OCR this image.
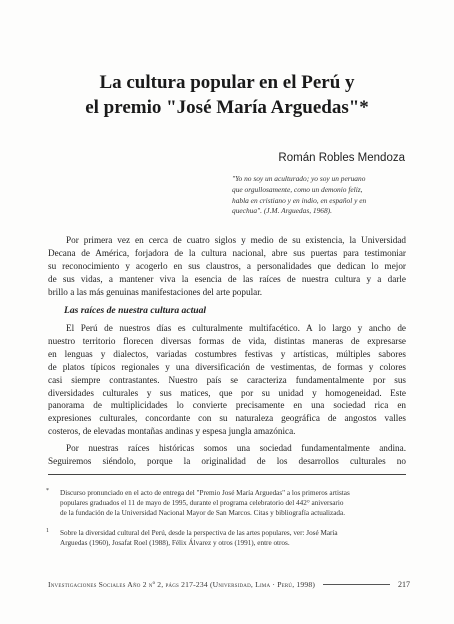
La cultura popular en el Perú y
el premio "José María Arguedas"*
Román Robles Mendoza
"Yo no soy un aculturado; yo soy un peruano
que orgullosamente, como un demonio feliz,
habla en cristiano y en indio, en español y en
quechua". (J.M. Arguedas, 1968).
Por primera vez en cerca de cuatro siglos y medio de su existencia, la Universidad
Decana de América, forjadora de la cultura nacional, abre sus puertas para testimoniar
su reconocimiento y acogerlo en sus claustros, a personalidades que dedican lo mejor
de sus vidas, a mantener viva la esencia de las raíces de nuestra cultura y a darle
brillo a las más genuinas manifestaciones del arte popular.
Las raíces de nuestra cultura actual
El Perú de nuestros días es culturalmente multifacético. A lo largo y ancho de
nuestro territorio florecen diversas formas de vida, distintas maneras de expresarse
en lenguas y dialectos, variadas costumbres festivas y artísticas, múltiples sabores
de platos típicos regionales y una diversificación de vestimentas, de formas y colores
casi siempre contrastantes. Nuestro país se caracteriza fundamentalmente por sus
diversidades culturales y sus matices, que por su unidad y homogeneidad. Este
panorama de multiplicidades lo convierte precisamente en una sociedad rica en
expresiones culturales, concordante con su naturaleza geográfica de angostos valles
costeros, de elevadas montañas andinas y espesa jungla amazónica.
Por nuestras raíces históricas somos una sociedad fundamentalmente andina.
Seguiremos siéndolo, porque la originalidad de los desarrollos culturales no
*	Discurso pronunciado en el acto de entrega del "Premio José María Arguedas" a los primeros artistas
populares graduados el 11 de mayo de 1995, durante el programa celebratorio del 442° aniversario
de la fundación de la Universidad Nacional Mayor de San Marcos. Citas y bibliografía actualizada.
1	Sobre la diversidad cultural del Perú, desde la perspectiva de las artes populares, ver: José María
Arguedas (1960), Josafat Roel (1988), Félix Álvarez y otros (1991), entre otros.
Investigaciones Sociales Año 2 nº 2, págs 217-234 (Universidad, Lima · Perú, 1998)	217
